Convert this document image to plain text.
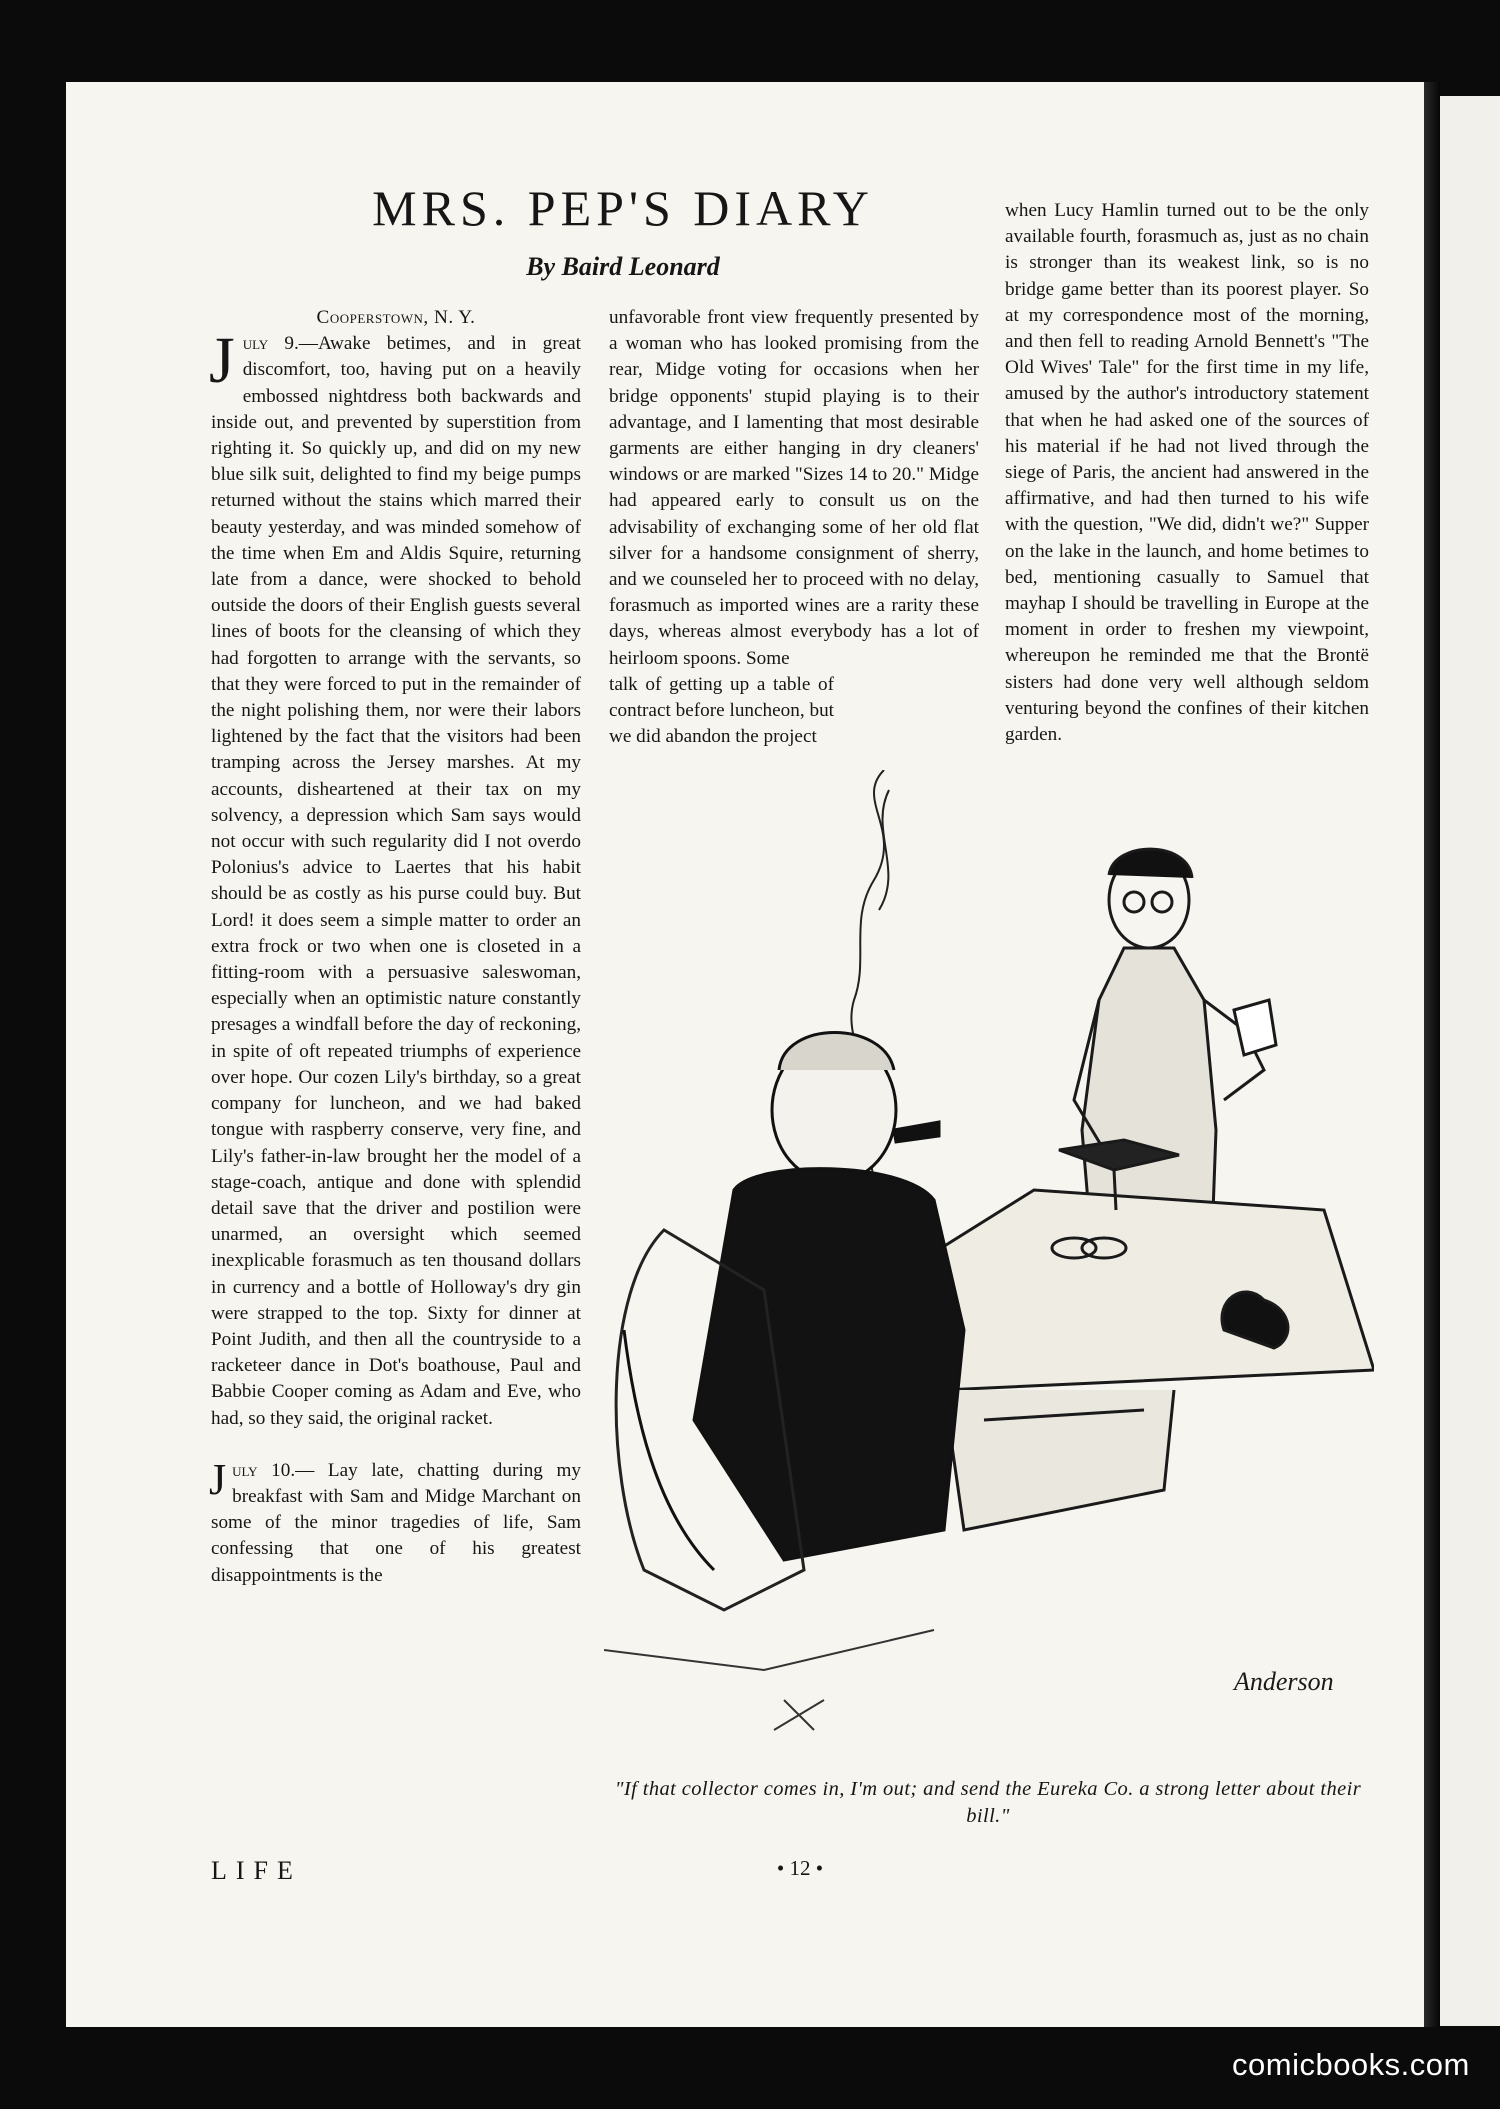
MRS. PEP'S DIARY
By Baird Leonard

Cooperstown, N. Y.

July 9.—Awake betimes, and in great discomfort, too, having put on a heavily embossed nightdress both backwards and inside out, and prevented by superstition from righting it. So quickly up, and did on my new blue silk suit, delighted to find my beige pumps returned without the stains which marred their beauty yesterday, and was minded somehow of the time when Em and Aldis Squire, returning late from a dance, were shocked to behold outside the doors of their English guests several lines of boots for the cleansing of which they had forgotten to arrange with the servants, so that they were forced to put in the remainder of the night polishing them, nor were their labors lightened by the fact that the visitors had been tramping across the Jersey marshes. At my accounts, disheartened at their tax on my solvency, a depression which Sam says would not occur with such regularity did I not overdo Polonius's advice to Laertes that his habit should be as costly as his purse could buy. But Lord! it does seem a simple matter to order an extra frock or two when one is closeted in a fitting-room with a persuasive saleswoman, especially when an optimistic nature constantly presages a windfall before the day of reckoning, in spite of oft repeated triumphs of experience over hope. Our cozen Lily's birthday, so a great company for luncheon, and we had baked tongue with raspberry conserve, very fine, and Lily's father-in-law brought her the model of a stage-coach, antique and done with splendid detail save that the driver and postilion were unarmed, an oversight which seemed inexplicable forasmuch as ten thousand dollars in currency and a bottle of Holloway's dry gin were strapped to the top. Sixty for dinner at Point Judith, and then all the countryside to a racketeer dance in Dot's boathouse, Paul and Babbie Cooper coming as Adam and Eve, who had, so they said, the original racket.

July 10.— Lay late, chatting during my breakfast with Sam and Midge Marchant on some of the minor tragedies of life, Sam confessing that one of his greatest disappointments is the

unfavorable front view frequently presented by a woman who has looked promising from the rear, Midge voting for occasions when her bridge opponents' stupid playing is to their advantage, and I lamenting that most desirable garments are either hanging in dry cleaners' windows or are marked "Sizes 14 to 20." Midge had appeared early to consult us on the advisability of exchanging some of her old flat silver for a handsome consignment of sherry, and we counseled her to proceed with no delay, forasmuch as imported wines are a rarity these days, whereas almost everybody has a lot of heirloom spoons. Some

talk of getting up a table of contract before luncheon, but we did abandon the project

when Lucy Hamlin turned out to be the only available fourth, forasmuch as, just as no chain is stronger than its weakest link, so is no bridge game better than its poorest player. So at my correspondence most of the morning, and then fell to reading Arnold Bennett's "The Old Wives' Tale" for the first time in my life, amused by the author's introductory statement that when he had asked one of the sources of his material if he had not lived through the siege of Paris, the ancient had answered in the affirmative, and had then turned to his wife with the question, "We did, didn't we?" Supper on the lake in the launch, and home betimes to bed, mentioning casually to Samuel that mayhap I should be travelling in Europe at the moment in order to freshen my viewpoint, whereupon he reminded me that the Brontë sisters had done very well although seldom venturing beyond the confines of their kitchen garden.

Anderson
"If that collector comes in, I'm out; and send the Eureka Co. a strong letter about their bill."
LIFE	• 12 •
comicbooks.com
